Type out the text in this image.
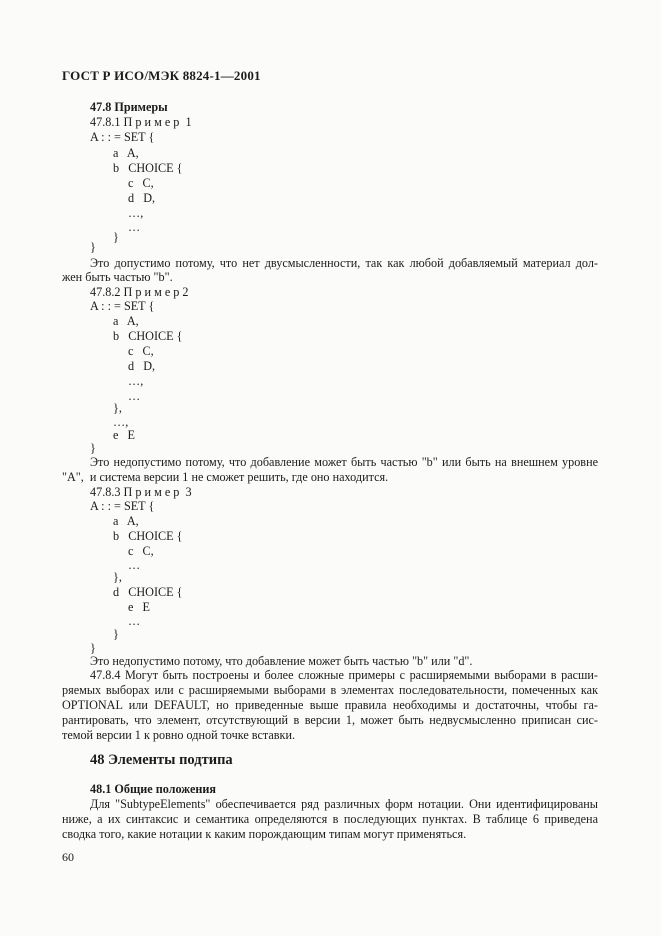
ГОСТ Р ИСО/МЭК 8824-1—2001
47.8 Примеры
47.8.1 П р и м е р  1
A : : = SET {
a   A,
b   CHOICE {
c   C,
d   D,
…,
…
}
}
Это допустимо потому, что нет двусмысленности, так как любой добавляемый материал дол-
жен быть частью "b".
47.8.2 П р и м е р 2
A : : = SET {
a   A,
b   CHOICE {
c   C,
d   D,
…,
…
},
…,
e   E
}
Это недопустимо потому, что добавление может быть частью "b" или быть на внешнем уровне
"A",  и система версии 1 не сможет решить, где оно находится.
47.8.3 П р и м е р  3
A : : = SET {
a   A,
b   CHOICE {
c   C,
…
},
d   CHOICE {
e   E
…
}
}
Это недопустимо потому, что добавление может быть частью "b" или "d".
47.8.4 Могут быть построены и более сложные примеры с расширяемыми выборами в расши-
ряемых выборах или с расширяемыми выборами в элементах последовательности, помеченных как
OPTIONAL или DEFAULT, но приведенные выше правила необходимы и достаточны, чтобы га-
рантировать, что элемент, отсутствующий в версии 1, может быть недвусмысленно приписан сис-
темой версии 1 к ровно одной точке вставки.
48 Элементы подтипа
48.1 Общие положения
Для "SubtypeElements" обеспечивается ряд различных форм нотации. Они идентифицированы
ниже, а их синтаксис и семантика определяются в последующих пунктах. В таблице 6 приведена
сводка того, какие нотации к каким порождающим типам могут применяться.
60
